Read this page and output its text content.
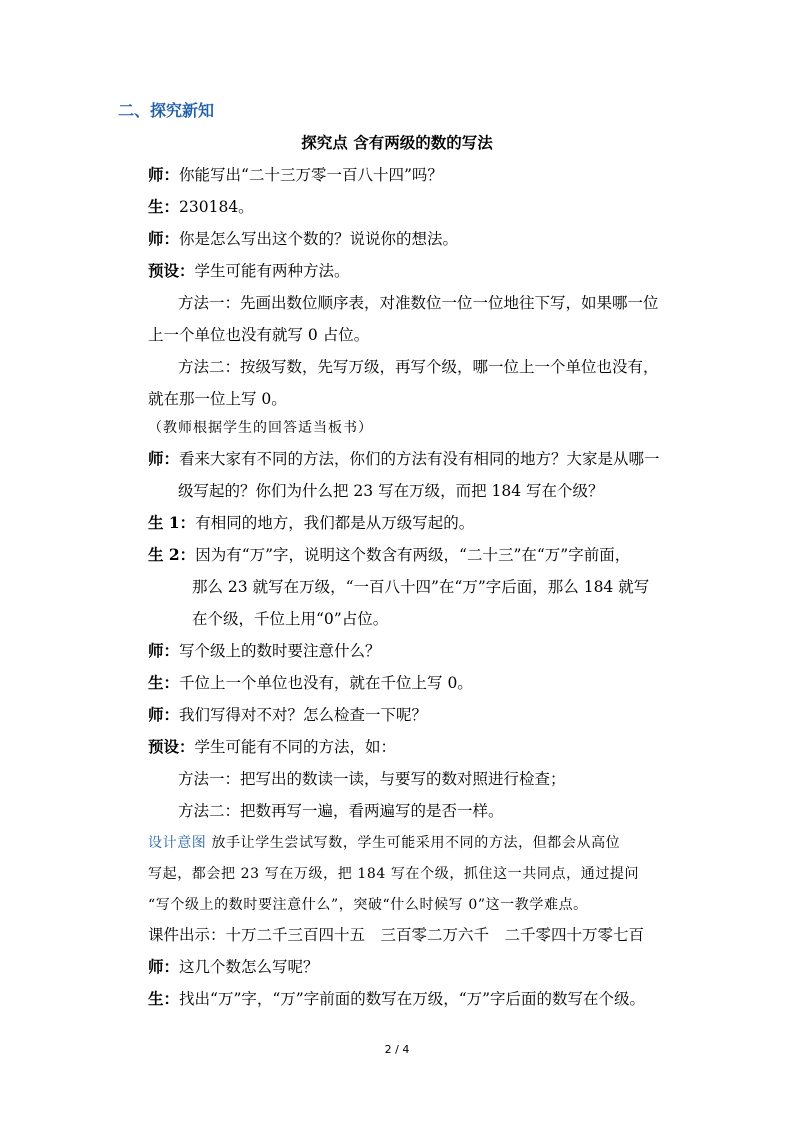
二、探究新知
探究点 含有两级的数的写法
师：你能写出“二十三万零一百八十四”吗？
生：230184。
师：你是怎么写出这个数的？说说你的想法。
预设：学生可能有两种方法。
方法一：先画出数位顺序表，对准数位一位一位地往下写，如果哪一位
上一个单位也没有就写 0 占位。
方法二：按级写数，先写万级，再写个级，哪一位上一个单位也没有，
就在那一位上写 0。
（教师根据学生的回答适当板书）
师：看来大家有不同的方法，你们的方法有没有相同的地方？大家是从哪一
级写起的？你们为什么把 23 写在万级，而把 184 写在个级？
生 1：有相同的地方，我们都是从万级写起的。
生 2：因为有“万”字，说明这个数含有两级，“二十三”在“万”字前面，
那么 23 就写在万级，“一百八十四”在“万”字后面，那么 184 就写
在个级，千位上用“0”占位。
师：写个级上的数时要注意什么？
生：千位上一个单位也没有，就在千位上写 0。
师：我们写得对不对？怎么检查一下呢？
预设：学生可能有不同的方法，如：
方法一：把写出的数读一读，与要写的数对照进行检查；
方法二：把数再写一遍，看两遍写的是否一样。
设计意图 放手让学生尝试写数，学生可能采用不同的方法，但都会从高位
写起，都会把 23 写在万级，把 184 写在个级，抓住这一共同点，通过提问
“写个级上的数时要注意什么”，突破“什么时候写 0”这一教学难点。
课件出示：十万二千三百四十五　三百零二万六千　二千零四十万零七百
师：这几个数怎么写呢？
生：找出“万”字，“万”字前面的数写在万级，“万”字后面的数写在个级。
2 / 4
